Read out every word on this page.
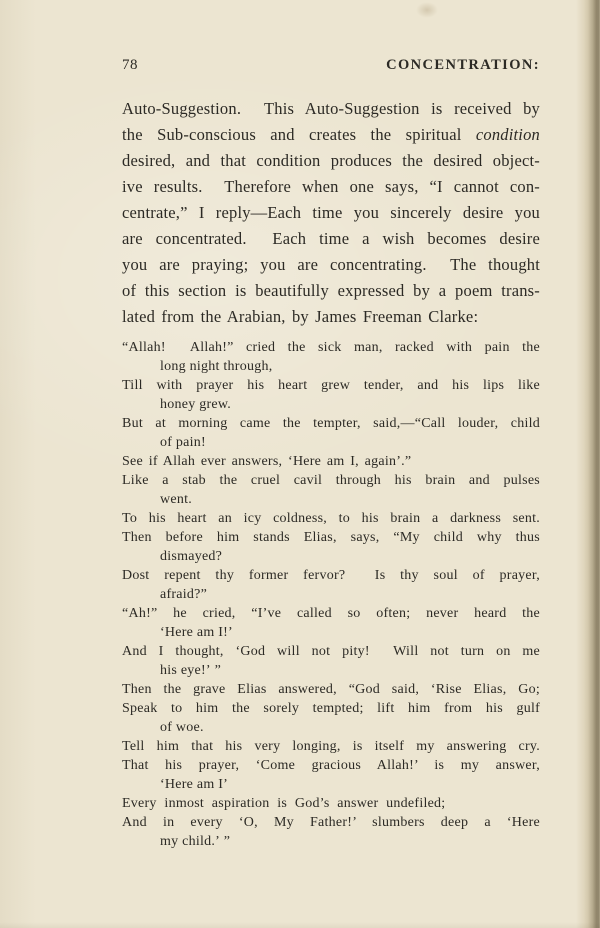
78	CONCENTRATION:
Auto-Suggestion.  This Auto-Suggestion is received by
the Sub-conscious and creates the spiritual condition
desired, and that condition produces the desired object-
ive results.  Therefore when one says, “I cannot con-
centrate,” I reply—Each time you sincerely desire you
are concentrated.  Each time a wish becomes desire
you are praying; you are concentrating.  The thought
of this section is beautifully expressed by a poem trans-
lated from the Arabian, by James Freeman Clarke:
“Allah!  Allah!” cried the sick man, racked with pain the
long night through,
Till with prayer his heart grew tender, and his lips like
honey grew.
But at morning came the tempter, said,—“Call louder, child
of pain!
See if Allah ever answers, ‘Here am I, again’.”
Like a stab the cruel cavil through his brain and pulses
went.
To his heart an icy coldness, to his brain a darkness sent.
Then before him stands Elias, says, “My child why thus
dismayed?
Dost repent thy former fervor?  Is thy soul of prayer,
afraid?”
“Ah!” he cried, “I’ve called so often; never heard the
‘Here am I!’
And I thought, ‘God will not pity!  Will not turn on me
his eye!’ ”
Then the grave Elias answered, “God said, ‘Rise Elias, Go;
Speak to him the sorely tempted; lift him from his gulf
of woe.
Tell him that his very longing, is itself my answering cry.
That his prayer, ‘Come gracious Allah!’ is my answer,
‘Here am I’
Every inmost aspiration is God’s answer undefiled;
And in every ‘O, My Father!’ slumbers deep a ‘Here
my child.’ ”
